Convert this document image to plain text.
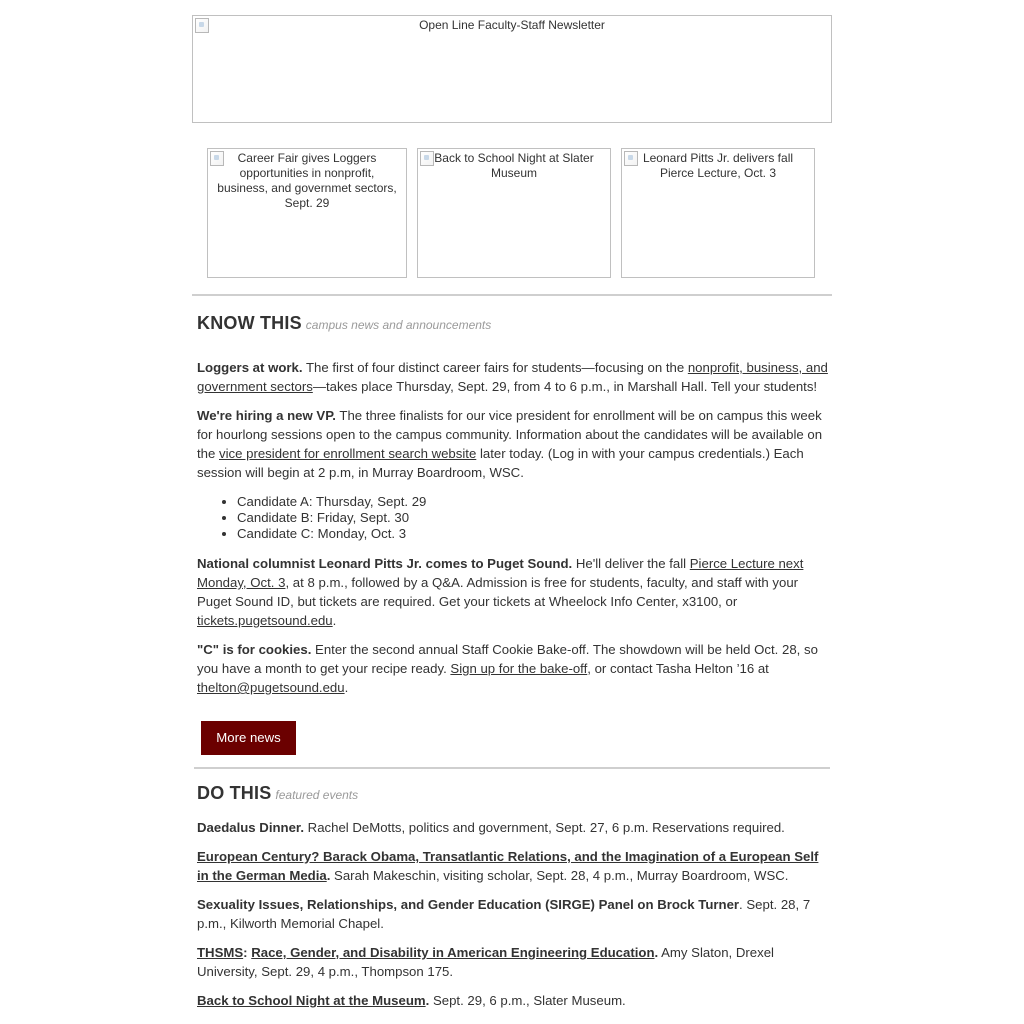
Open Line Faculty-Staff Newsletter
Career Fair gives Loggers opportunities in nonprofit, business, and governmet sectors, Sept. 29
Back to School Night at Slater Museum
Leonard Pitts Jr. delivers fall Pierce Lecture, Oct. 3
KNOW THIS campus news and announcements

Loggers at work. The first of four distinct career fairs for students—focusing on the nonprofit, business, and government sectors—takes place Thursday, Sept. 29, from 4 to 6 p.m., in Marshall Hall. Tell your students!

We're hiring a new VP. The three finalists for our vice president for enrollment will be on campus this week for hourlong sessions open to the campus community. Information about the candidates will be available on the vice president for enrollment search website later today. (Log in with your campus credentials.) Each session will begin at 2 p.m, in Murray Boardroom, WSC.

• Candidate A: Thursday, Sept. 29
• Candidate B: Friday, Sept. 30
• Candidate C: Monday, Oct. 3

National columnist Leonard Pitts Jr. comes to Puget Sound. He'll deliver the fall Pierce Lecture next Monday, Oct. 3, at 8 p.m., followed by a Q&A. Admission is free for students, faculty, and staff with your Puget Sound ID, but tickets are required. Get your tickets at Wheelock Info Center, x3100, or tickets.pugetsound.edu.

"C" is for cookies. Enter the second annual Staff Cookie Bake-off. The showdown will be held Oct. 28, so you have a month to get your recipe ready. Sign up for the bake-off, or contact Tasha Helton ’16 at thelton@pugetsound.edu.

More news
DO THIS featured events

Daedalus Dinner. Rachel DeMotts, politics and government, Sept. 27, 6 p.m. Reservations required.

European Century? Barack Obama, Transatlantic Relations, and the Imagination of a European Self in the German Media. Sarah Makeschin, visiting scholar, Sept. 28, 4 p.m., Murray Boardroom, WSC.

Sexuality Issues, Relationships, and Gender Education (SIRGE) Panel on Brock Turner. Sept. 28, 7 p.m., Kilworth Memorial Chapel.

THSMS: Race, Gender, and Disability in American Engineering Education. Amy Slaton, Drexel University, Sept. 29, 4 p.m., Thompson 175.

Back to School Night at the Museum. Sept. 29, 6 p.m., Slater Museum.
